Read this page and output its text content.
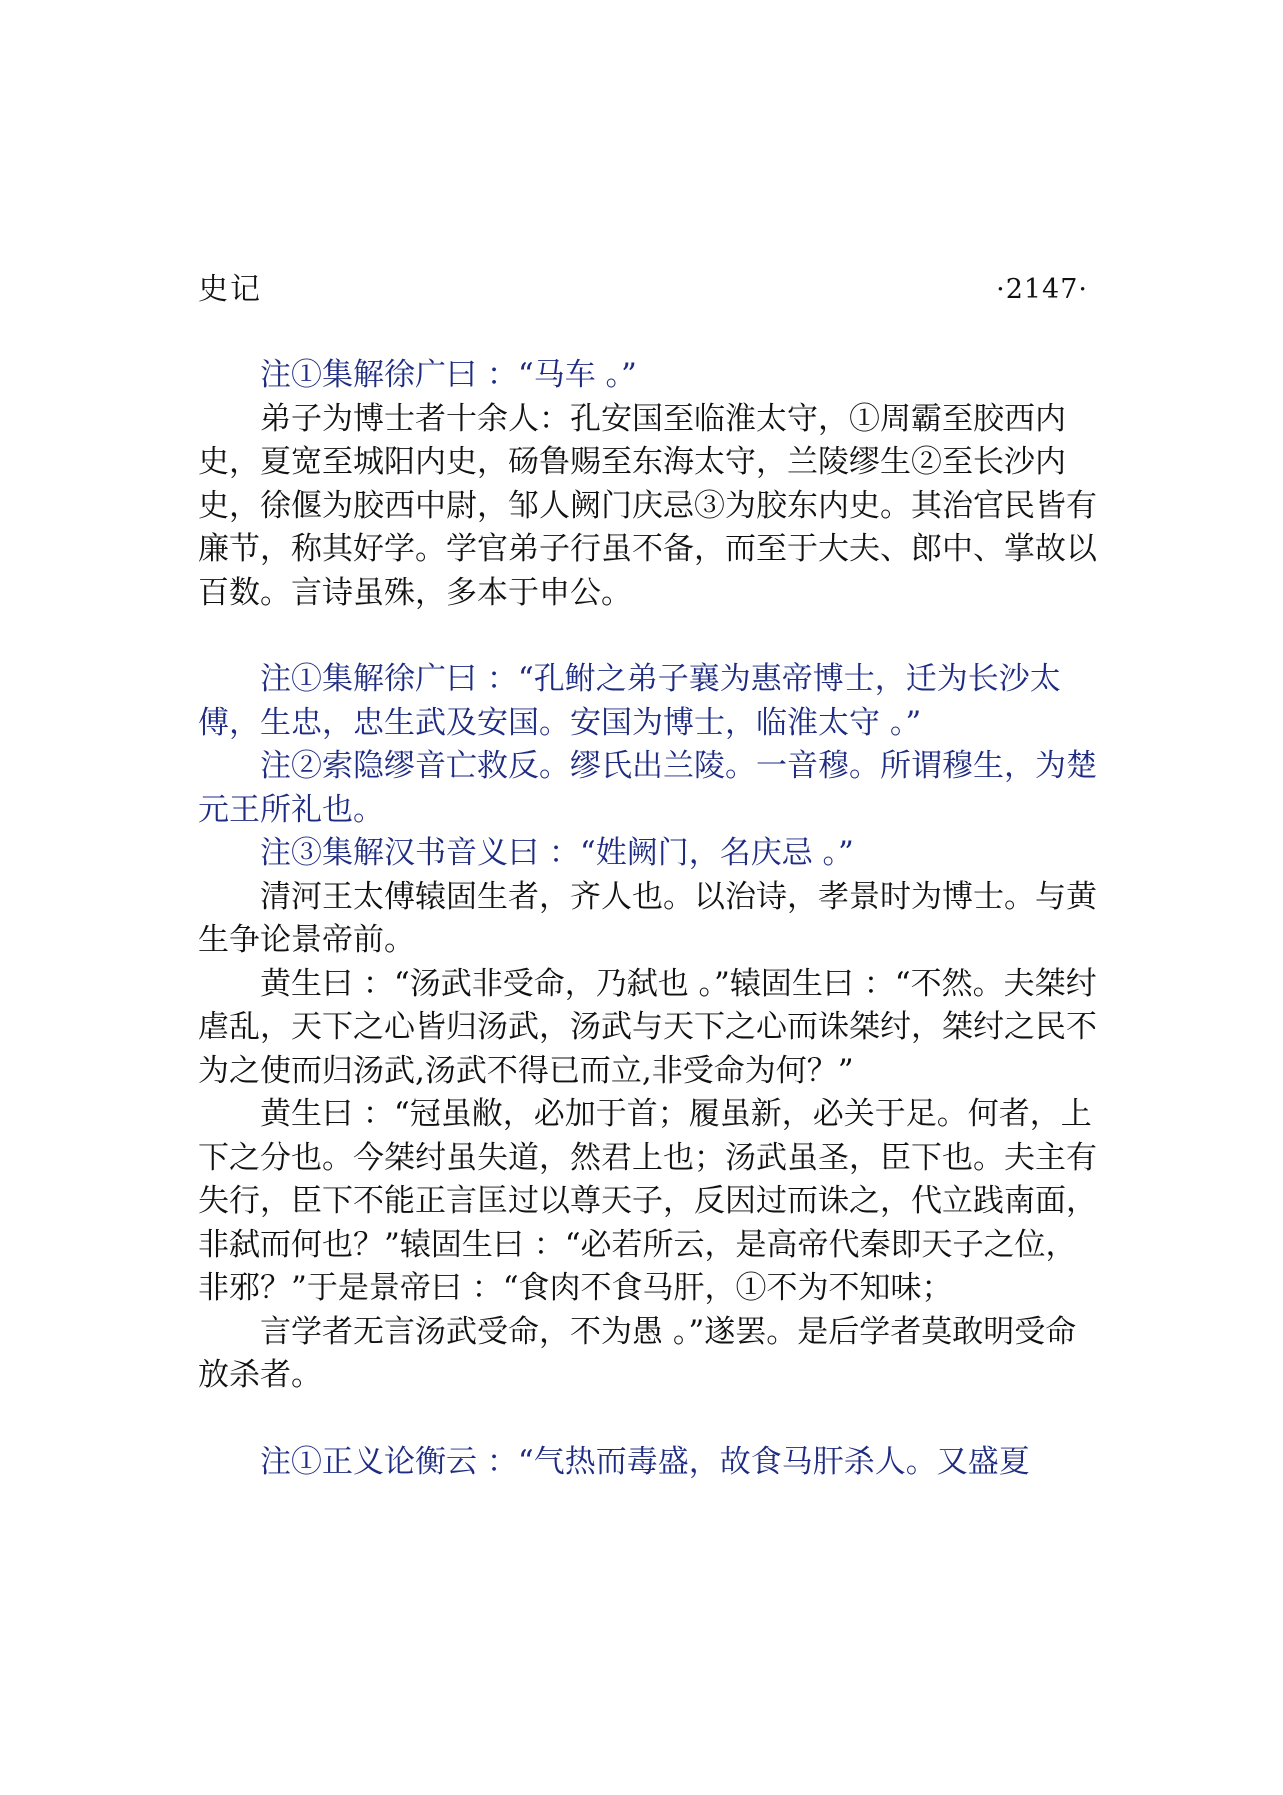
史记	·2147·

注①集解徐广曰 ：“马车 。”

弟子为博士者十余人：孔安国至临淮太守，①周霸至胶西内史，夏宽至城阳内史，砀鲁赐至东海太守，兰陵缪生②至长沙内史，徐偃为胶西中尉，邹人阙门庆忌③为胶东内史。其治官民皆有廉节，称其好学。学官弟子行虽不备，而至于大夫、郎中、掌故以百数。言诗虽殊，多本于申公。

注①集解徐广曰 ：“孔鲋之弟子襄为惠帝博士，迁为长沙太傅，生忠，忠生武及安国。安国为博士，临淮太守 。”

注②索隐缪音亡救反。缪氏出兰陵。一音穆。所谓穆生，为楚元王所礼也。

注③集解汉书音义曰 ：“姓阙门，名庆忌 。”

清河王太傅辕固生者，齐人也。以治诗，孝景时为博士。与黄生争论景帝前。

黄生曰 ：“汤武非受命，乃弑也 。”辕固生曰 ：“不然。夫桀纣虐乱，天下之心皆归汤武，汤武与天下之心而诛桀纣，桀纣之民不为之使而归汤武,汤武不得已而立,非受命为何？”

黄生曰 ：“冠虽敝，必加于首；履虽新，必关于足。何者，上下之分也。今桀纣虽失道，然君上也；汤武虽圣，臣下也。夫主有失行，臣下不能正言匡过以尊天子，反因过而诛之，代立践南面，非弑而何也？”辕固生曰 ：“必若所云，是高帝代秦即天子之位，非邪？”于是景帝曰 ：“食肉不食马肝，①不为不知味；

言学者无言汤武受命，不为愚 。”遂罢。是后学者莫敢明受命放杀者。

注①正义论衡云 ：“气热而毒盛，故食马肝杀人。又盛夏
